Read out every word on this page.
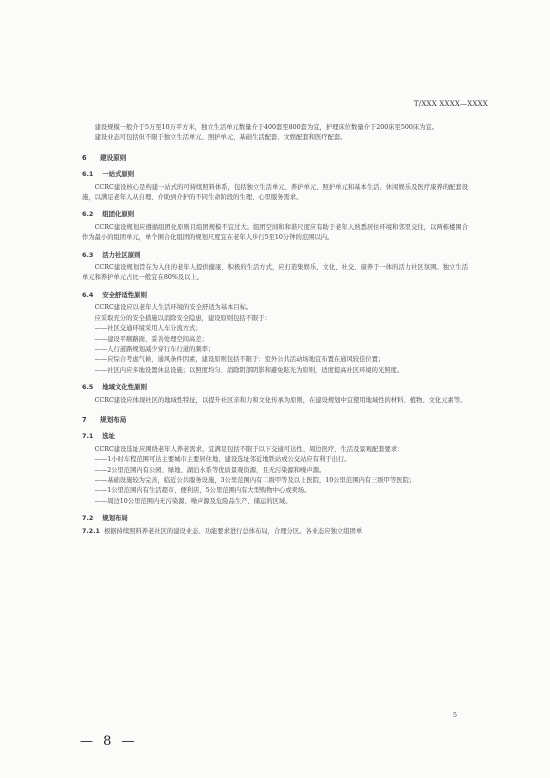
T/XXX XXXX—XXXX

建设规模一般介于5万至10万平方米，独立生活单元数量介于400套至800套为宜，护理床位数量介于200床至500床为宜。

建设业态可包括但不限于独立生活单元、照护单元、基础生活配套、文娱配套和医疗配套。

6 建设原则
6.1 一站式原则

CCRC建设核心是构建一站式的可持续照料体系，包括独立生活单元、养护单元、照护单元和基本生活、休闲娱乐及医疗康养的配套设施，以满足老年人从自理、介助到介护的不同生命阶段的生理、心里服务需求。

6.2 组团化原则

CCRC建设规划应遵循组团化原则且组团规模不宜过大。组团空间和和谐尺度应有助于老年人熟悉居住环境和邻里交往，以两栋楼围合作为最小的组团单元，单个围合化组团的规划尺度宜在老年人步行5至10分钟的范围以内。

6.3 活力社区原则

CCRC建设规划旨在为入住的老年人提供健康、积极的生活方式，应打造集娱乐、文化、社交、康养于一体的活力社区氛围。独立生活单元和养护单元占比一般宜在80%及以上。

6.4 安全舒适性原则

CCRC建设应以老年人生活环境的安全舒适为基本目标。

应采取充分的安全措施以消除安全隐患，建设原则包括不限于：

——社区交通环境采用人车分流方式；

——建设平顺路面、妥善处理空间高差；

——人行道路规划减少穿行车行道的频率；

——应综合考虑气候、通风条件因素，建设原则包括不限于：室外公共活动场地宜布置在通风较佳位置；

——社区内应多地设置休息设施；以照度均匀、消除阴部阴影和避免眩光为原则，适度提高社区环境的光照度。

6.5 地域文化性原则

CCRC建设应体现社区的地域性特征，以提升社区亲和力和文化传承为原则，在建设规划中宜使用地域性的材料、植物、文化元素等。

7 规划布局
7.1 选址

CCRC建设选址应围绕老年人养老需求，宜满足包括不限于以下交通可达性、周边医疗、生活及景观配套要求：

——1小时车程范围可达主要城市主要居住地，建设选址邻近地铁站或公交站应有利于出行。

——2公里范围内有公园、绿地、湖泊水系等优质景观资源，且无污染源和噪声源。

——基础设施较为完善，临近公共服务设施，3公里范围内有二级甲等及以上医院，10公里范围内有三级甲等医院；

——1公里范围内有生活超市、便利店，5公里范围内有大型购物中心或卖场。

——周边10公里范围内无污染源、噪声源及危险品生产、储运的区域。

7.2 规划布局

7.2.1 根据持续照料养老社区的建设业态、功能要求进行总体布局，合理分区。各业态应独立组团单

5
— 8 —
